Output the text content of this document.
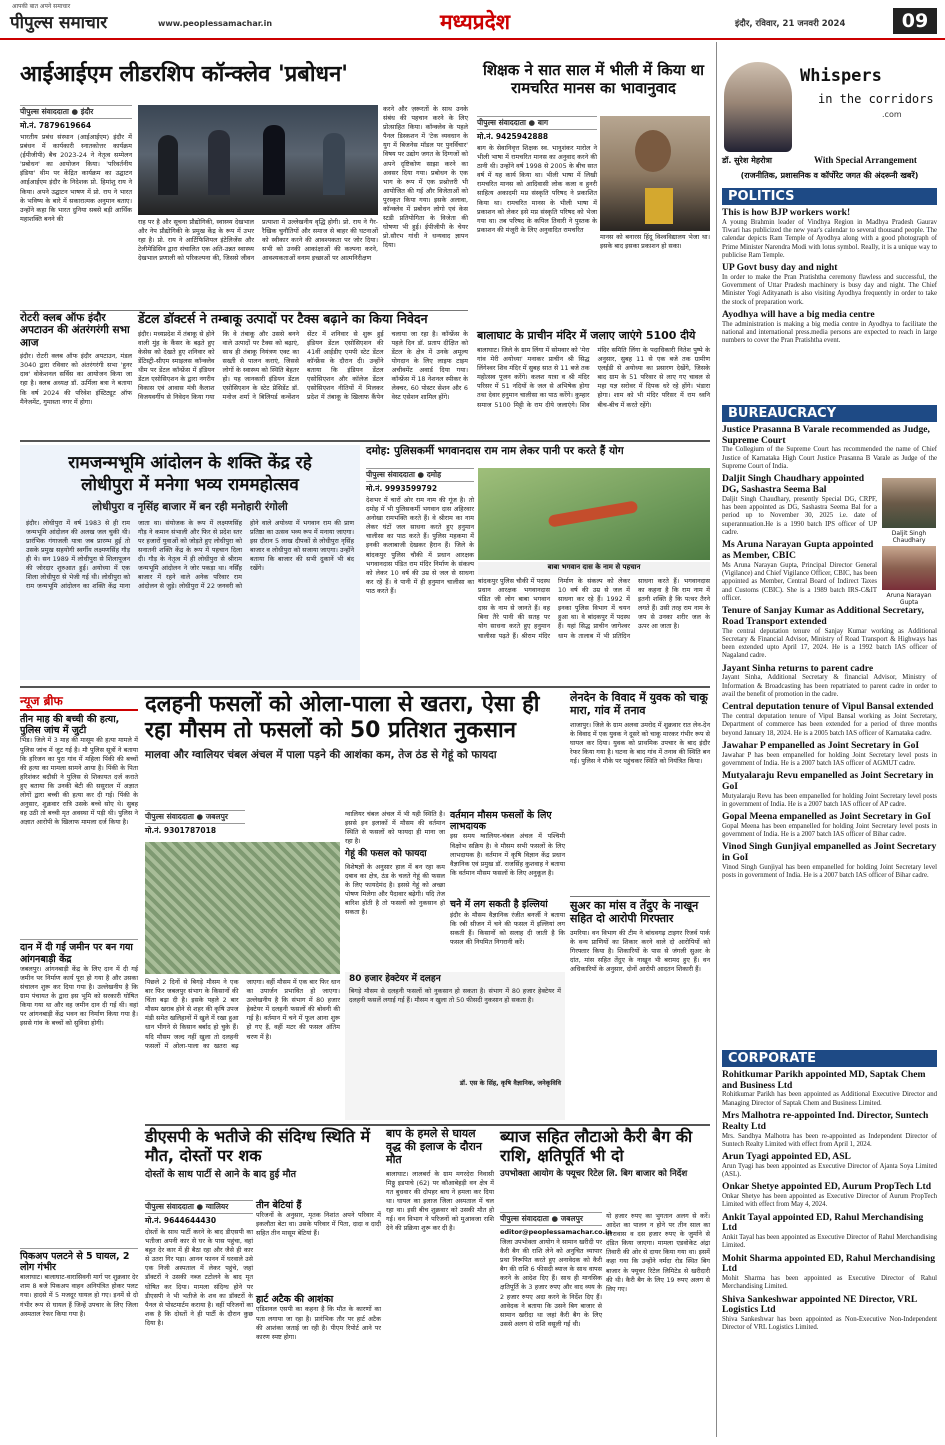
आपकी बात अपने समाचार
पीपुल्स समाचार	www.peoplessamachar.in	मध्यप्रदेश	इंदौर, रविवार, 21 जनवरी 2024	09
आईआईएम लीडरशिप कॉन्क्लेव 'प्रबोधन'
पीपुल्स संवाददाता ● इंदौर
मो.नं. 7879619664
भारतीय प्रबंध संस्थान (आईआईएम) इंदौर में प्रबंधन में कार्यकारी स्नातकोत्तर कार्यक्रम (ईपीजीपी) बैच 2023-24 ने नेतृत्व सम्मेलन 'प्रबोधन' का आयोजन किया। 'परिवर्तनीय इंडिया' थीम पर केंद्रित कार्यक्रम का उद्घाटन आईआईएम इंदौर के निदेशक प्रो. हिमांशु राय ने किया। अपने उद्घाटन भाषण में प्रो. राय ने भारत के भविष्य के बारे में सकारात्मक अनुमान बताए। उन्होंने कहा कि भारत दुनिया सबसे बड़ी आर्थिक महाशक्ति बनने की	राह पर है और सूचना प्रौद्योगिकी, स्वास्थ्य देखभाल और नेप प्रौद्योगिकी के प्रमुख केंद्र के रूप में उभर रहा है। प्रो. राय ने आर्टिफिशियल इंटेलिजेंस और टेलीमेडिसिन द्वारा संचालित एक अति-उन्नत स्वास्थ्य देखभाल प्रणाली को परिकल्पना की, जिससे जीवन प्रत्याशा में उल्लेखनीय वृद्धि होगी। प्रो. राय ने गैर-रैखिक चुनौतियों और समाज से बाहर की घटनाओं को स्वीकार करने की आवश्यकता पर जोर दिया। सभी को उनकी आकांक्षाओं की कल्पना करने, आवश्यकताओं वनाम इच्छाओं पर आत्मनिरीक्षण
करने और ज़रूरतों के साथ उनके संबंध की पहचान करने के लिए प्रोत्साहित किया। कॉन्क्लेव के पहले पैनल डिस्कशन में 'टेक व्यवधान के युग में बिजनेस मॉडल पर पुनर्विचार' विषय पर उद्योग जगत के दिग्गजों को अपने दृष्टिकोण साझा करने का अवसर दिया गया। प्रबोधन के एक भाग के रूप में एक प्रश्नोत्तरी भी आयोजित की गई और विजेताओं को पुरस्कृत किया गया। इसके अलावा, कॉन्क्लेव में प्रबोधन लोगो एवं केस स्टडी प्रतियोगिता के विजेता की घोषणा भी हुई। ईपीजीपी के चेयर प्रो.सौरभ गांधी ने धन्यवाद ज्ञापन दिया।
रोटरी क्लब ऑफ इंदौर अपटाउन की अंतरंगरंगी सभा आज
इंदौर। रोटरी क्लब ऑफ इंदौर अपटाउन, मंडल 3040 द्वारा रविवार को अंतरंगरंगी सभा 'हुनर दाव' वोकेशनल सर्विस का आयोजन किया जा रहा है। क्लब अध्यक्ष डॉ. ऊर्मिला बत्रा ने बताया कि वर्ष 2024 की परिवेश इंस्टिट्यूट ऑफ मैनेजमेंट, गुमास्ता नगर में होगा।
डेंटल डॉक्टर्स ने तम्बाकू उत्पादों पर टैक्स बढ़ाने का किया निवेदन
इंदौर। मध्यप्रदेश में तंबाकू से होने वाली मुंह के कैंसर के बढ़ते हुए केसेस को देखते हुए शनिवार को डेंटिस्ट्री-सीएम स्माइलस कॉन्क्लेव थीम पर डेंटल कॉन्फ्रेंस में इंडियन डेंटल एसोसिएशन के द्वारा नगरीय विकास एवं आवास मंत्री कैलाश विजयवर्गीय से निवेदन किया गया कि वे तंबाकू और उससे बनने वाले उत्पादों पर टैक्स को बढ़ाएं, साथ ही तंबाकू नियंत्रण एक्ट का सख्ती से पालन कराएं, जिससे लोगों के स्वास्थ्य को स्थिति बेहतर हो। यह जानकारी इंडियन डेंटल एसोसिएशन के स्टेट प्रेसिडेंट डॉ. मनोज शर्मा ने बिलियर्ड कन्वेंशन सेंटर में शनिवार से शुरू हुई इंडियन डेंटल एसोसिएशन की 41वीं आईडीए एमपी स्टेट डेंटल कॉन्फ्रेंस के दौरान दी। उन्होंने बताया कि इंडियन डेंटल एसोसिएशन और कॉलेज डेंटल एसोसिएशन नीतियों में मिलकर प्रदेश में तंबाकू के खिलाफ कैंपेन चलाया जा रहा है। कॉन्फ्रेंस के पहले दिन डॉ. प्रताप दीक्षित को डेंटल के क्षेत्र में उनके अमूल्य योगदान के लिए लाइफ टाइम अचीवमेंट अवार्ड दिया गया। कॉन्फ्रेंस में 18 नेशनल स्पीकर के लेक्चर, 60 पोस्टर सेशन और 6 वेस्ट एसेशन शामिल होंगे।
शिक्षक ने सात साल में भीली में किया था रामचरित मानस का भावानुवाद
पीपुल्स संवाददाता ● बाग
मो.नं. 9425942888
बाग के सेवानिवृत्त शिक्षक स्व. भानुशंकर मारोल ने भीली भाषा में रामचरित मानस का अनुवाद करने की ठानी थी। उन्होंने वर्ष 1998 से 2005 के बीच सात वर्ष में यह कार्य किया था। भीली भाषा में लिखी रामचरित मानस को आदिवासी लोक कला व हुनरी साहित्य अकादमी मप्र संस्कृति परिषद ने प्रकाशित किया था। रामचरित मानस के भीली भाषा में प्रकाशन को लेकर इसे मप्र संस्कृति परिषद को भेजा गया था। तब परिषद के कपिल तिवारी ने पुस्तक के प्रकाशन की मंजूरी के लिए अनुवादित रामचरित
मानस को बनारस हिंदू विश्वविद्यालय भेजा था। इसके बाद इसका प्रकाशन हो सका।
बालाघाट के प्राचीन मंदिर में जलाए जाएंगे 5100 दीये
बालाघाट। जिले के ग्राम लिंगा में सोमवार को 'मेरा गांव मेरी अयोध्या' मनाकर प्राचीन श्री सिद्ध लिंगेश्वर शिव मंदिर में सुबह सात से 11 बजे तक महोत्सव पूजन करेंगे। कलश यात्रा व श्री मंदिर परिसर में 51 नदियों के जल से अभिषेक होगा तथा देवार हनुमान चालीसा का पाठ करेंगे। कुम्हार समाज 5100 मिट्टी के राम दीये जलाएंगे। शिव मंदिर समिति लिंगा के पदाधिकारी नितेश पुष्पे के अनुसार, सुबह 11 से एक बजे तक ग्रामीण एलईडी से अयोध्या का प्रसारण देखेंगे, जिसके बाद ग्राम के 51 परिवार से लाए गए चावल से महा यज्ञ सरोवर में दिपक धरे रहे होंगे। भंडारा होगा। शाम को भी मंदिर परिसर में राम ध्वनि बीच-बीच में करते रहेंगे।
रामजन्मभूमि आंदोलन के शक्ति केंद्र रहे
लोधीपुरा में मनेगा भव्य राममहोत्सव
लोधीपुरा व नृसिंह बाजार में बन रही मनोहारी रंगोली
इंदौर। लोधीपुरा में वर्ष 1983 से ही राम जन्मभूमि आंदोलन की अलख जल चुकी थी। प्रारंभिक गंगाजली यात्रा जब प्रारम्भ हुई तो उसके प्रमुख सहयोगी स्वर्गीय लक्ष्मणसिंह गौड़ ही थे। सन 1989 में लोधीपुरा से शिलापूजन की जोरदार शुरुआत हुई। अयोध्या में एक शिला लोधीपुरा से भेजी गई थी। लोधीपुरा को राम जन्मभूमि आंदोलन का शक्ति केंद्र माना जाता था। संयोजक के रूप में लक्ष्मणसिंह गौड़ ने कमान संभाली और फिर से प्रदेश स्तर पर हजारों युवाओं को जोड़ते हुए लोधीपुरा को सनातनी शक्ति केंद्र के रूप में पहचान दिला दी। गौड़ के नेतृत्व में ही लोधीपुरा से श्रीराम जन्मभूमि आंदोलन ने जोर पकड़ा था। नर्सिंह बाजार में रहने वाले अनेक परिवार राम आंदोलन से जुड़े। लोधीपुरा में 22 जनवरी को होने वाले अयोध्या में भगवान राम की प्राण प्रतिष्ठा का उत्सव भव्य रूप में मनाया जाएगा। इस दौरान 5 लाख दीपकों से लोधीपुरा नृसिंह बाजार व लोधीपुरा को सजाया जाएगा। उन्होंने बताया कि बाजार की सभी दुकानें भी बंद रखेंगे।
दमोह: पुलिसकर्मी भगवानदास राम नाम लेकर पानी पर करते हैं योग
पीपुल्स संवाददाता ● दमोह
मो.नं. 9993599792
देशभर में चारों ओर राम नाम की गूंज है। तो दमोह में भी पुलिसकर्मी भगवान दास अहिरवार अनोखा रामभक्ति करते हैं। वे श्रीराम का नाम लेकर घंटों जल साधना करते हुए हनुमान चालीसा का पाठ करते हैं। पुलिस महकमा में इनकी कलाबाजी देखकर हैरान हैं। जिले के बांदकपुर पुलिस चौकी में प्रधान आरक्षक भगवानदास पंडित राम मंदिर निर्माण के संकल्प को लेकर 10 वर्ष की उम्र से जल से साधना कर रहे हैं। वे पानी में ही हनुमान चालीसा का पाठ करते हैं।
बाबा भगवान दास के नाम से पहचान
बांदकपुर पुलिस चौकी में पदस्थ प्रधान आरक्षक भगवानदास पंडित जी लोग बाबा भगवान दास के नाम से जानते हैं। वह बिना तैरे पानी की सतह पर योग साधना करते हुए हनुमान चालीसा पढ़ते हैं। श्रीराम मंदिर निर्माण के संकल्प को लेकर 10 वर्ष की उम्र से जल में साधना कर रहे हैं। 1992 में इनका पुलिस विभाग में चयन हुआ था। वे बांदकपुर में पदस्थ हैं। यहां सिद्ध प्राचीन जागेश्वर धाम के तालाब में भी प्रतिदिन साधना करते हैं। भगवानदास का कहना है कि राम नाम में इतनी शक्ति है कि पत्थर तैरने लगते हैं। उसी तरह राम नाम के जप से उनका शरीर जल के ऊपर आ जाता है।
न्यूज ब्रीफ
तीन माह की बच्ची की हत्या, पुलिस जांच में जुटी
भिंड। जिले में 3 माह की मासूम की हत्या मामले में पुलिस जांच में जुट गई है। मौ पुलिस सूत्रों ने बताया कि हरिजन का पुरा गांव में महिला पिंकी की बच्चों की हत्या का मामला सामने आया है। पिंकी के पिता हरिशंकर बदौसी ने पुलिस से शिकायत दर्ज कराते हुए बताया कि उनकी बेटी की ससुराल में अज्ञात लोगों द्वारा बच्ची की हत्या कर दी गई। पिंकी के अनुसार, शुक्रवार रात्रि उसके बच्चे सोए थे। सुबह वह उठी तो बच्ची मृत अवस्था में पड़ी थी। पुलिस ने अज्ञात आरोपी के खिलाफ मामला दर्ज किया है।
दान में दी गई जमीन पर बन गया आंगनबाड़ी केंद्र
जबलपुर। आंगनबाड़ी केंद्र के लिए दान में दी गई जमीन पर निर्माण कार्य पूरा हो गया है और उसका संचालन शुरू कर दिया गया है। उल्लेखनीय है कि ग्राम पंचायत के द्वारा इस भूमि को सरकारी घोषित किया गया था और वह जमीन दान दी गई थी। वहां पर आंगनबाड़ी केंद्र भवन का निर्माण किया गया है। इससे गांव के बच्चों को सुविधा होगी।
पिकअप पलटने से 5 घायल, 2 लोग गंभीर
बालाघाट। बालाघाट-वारासिवनी मार्ग पर शुक्रवार देर शाम 8 बजे पिकअप वाहन अनियंत्रित होकर पलट गया। हादसे में 5 मजदूर घायल हो गए। इनमें से दो गंभीर रूप से घायल हैं जिन्हें उपचार के लिए जिला अस्पताल रेफर किया गया है।
दलहनी फसलों को ओला-पाला से खतरा, ऐसा ही रहा मौसम तो फसलों को 50 प्रतिशत नुकसान
मालवा और ग्वालियर चंबल अंचल में पाला पड़ने की आशंका कम, तेज ठंड से गेहूं को फायदा
पीपुल्स संवाददाता ● जबलपुर
मो.नं. 9301787018
पिछले 2 दिनों से बिगड़े मौसम ने एक बार फिर जबलपुर संभाग के किसानों की चिंता बढ़ा दी है। इसके पहले 2 बार मौसम खराब होने से शहर की कृषि उपज मंडी समेत खलिहानों में खुले में रखा हुआ धान भीगने से किसान बर्बाद हो चुके हैं। यदि मौसम जल्द नहीं खुला तो दलहनी फसलों में ओला-पाला का खतरा बढ़ जाएगा। वहीं मौसम में एक बार फिर धान का उपार्जन प्रभावित हो जाएगा। उल्लेखनीय है कि संभाग में 80 हजार हेक्टेयर में दलहनी फसलों की बोवनी की गई है। वर्तमान में चने में फूल आना शुरू हो गए हैं, वहीं मटर की फसल अंतिम चरण में है।
ग्वालियर चंबल अंचल में भी यही स्थिति है। इससे इन इलाकों में मौसम की वर्तमान स्थिति से फसलों को फायदा ही माना जा रहा है।
गेहूं की फसल को फायदा
विशेषज्ञों के अनुसार हाल में बन रहा कम दबाव का क्षेत्र, ठंड के चलते गेहूं की फसल के लिए फायदेमंद है। इससे गेहूं को अच्छा पोषण मिलेगा और पैदावार बढ़ेगी। यदि तेज बारिश होती है तो फसलों को नुकसान हो सकता है।
80 हजार हेक्टेयर में दलहन
बिगड़े मौसम से दलहनी फसलों को नुकसान हो सकता है। संभाग में 80 हजार हेक्टेयर में दलहनी फसलें लगाई गई हैं। मौसम न खुला तो 50 फीसदी नुकसान हो सकता है।
डॉ. एस के सिंह, कृषि वैज्ञानिक, जनेकृविवि
वर्तमान मौसम फसलों के लिए लाभदायक
इस समय ग्वालियर-चंबल अंचल में पश्चिमी विक्षोभ सक्रिय है। वे मौसम सभी फसलों के लिए लाभदायक है। वर्तमान में कृषि विज्ञान केंद्र प्रधान वैज्ञानिक एवं प्रमुख डॉ. राजसिंह कुशवाह ने बताया कि वर्तमान मौसम फसलों के लिए अनुकूल है।
चने में लग सकती है इल्लियां
इंदौर के मौसम वैज्ञानिक रंजीत बनर्जी ने बताया कि रबी सीजन में चने की फसल में इल्लियां लग सकती हैं। किसानों को सलाह दी जाती है कि फसल की नियमित निगरानी करें।
लेनदेन के विवाद में युवक को चाकू मारा, गांव में तनाव
शाजापुर। जिले के ग्राम अलवा उमरोद में शुक्रवार रात लेन-देन के विवाद में एक युवक ने दूसरे को चाकू मारकर गंभीर रूप से घायल कर दिया। युवक को प्राथमिक उपचार के बाद इंदौर रेफर किया गया है। घटना के बाद गांव में तनाव की स्थिति बन गई। पुलिस ने मौके पर पहुंचकर स्थिति को नियंत्रित किया।
सुअर का मांस व तेंदुए के नाखून सहित दो आरोपी गिरफ्तार
उमरिया। वन विभाग की टीम ने बांधवगढ़ टाइगर रिजर्व पार्क के वन्य प्राणियों का शिकार करने वाले दो आरोपियों को गिरफ्तार किया है। शिकारियों के पास से जंगली सुअर के दांत, मांस सहित तेंदुए के नाखून भी बरामद हुए हैं। वन अधिकारियों के अनुसार, दोनों आरोपी आदतन शिकारी हैं।
डीएसपी के भतीजे की संदिग्ध स्थिति में मौत, दोस्तों पर शक
दोस्तों के साथ पार्टी से आने के बाद हुई मौत
पीपुल्स संवाददाता ● ग्वालियर
मो.नं. 9644644430
दोस्तों के साथ पार्टी करने के बाद डीएसपी का भतीजा अपनी कार से घर के पास पहुंचा, वहां बहुत देर कार में ही बैठा रहा और जैसे ही कार से उतरा गिर पड़ा। आनन फानन में घरवाले उसे एक निजी अस्पताल में लेकर पहुंचे, जहां डॉक्टरों ने उसकी नब्ज टटोलने के बाद मृत घोषित कर दिया। मामला संदिग्ध होने पर डीएसपी ने भी भतीजे के शव का डॉक्टरों के पैनल से पोस्टमार्टम कराया है। वहीं परिजनों का शक है कि दोस्तों ने ही पार्टी के दौरान कुछ दिया है।
तीन बेटियां हैं
परिजनों के अनुसार, मृतक निशांत अपने परिवार में इकलौता बेटा था। उसके परिवार में पिता, दादा व दादी सहित तीन मासूम बेटियां हैं।
हार्ट अटैक की आशंका
एडिशनल एसपी का कहना है कि मौत के कारणों का पता लगाया जा रहा है। प्रारंभिक तौर पर हार्ट अटैक की आशंका जताई जा रही है। पीएम रिपोर्ट आने पर कारण स्पष्ट होगा।
बाप के हमले से घायल वृद्ध की इलाज के दौरान मौत
बालाघाट। लालबर्रा के ग्राम मगरदेरा निवासी मिठ्ठू इडपाचे (62) पर कौआबेहड़ी वन क्षेत्र में गत बुधवार की दोपहर बाघ ने हमला कर दिया था। घायल का इलाज जिला अस्पताल में चल रहा था। इसी बीच शुक्रवार को उसकी मौत हो गई। वन विभाग ने परिजनों को मुआवजा राशि देने की प्रक्रिया शुरू कर दी है।
ब्याज सहित लौटाओ कैरी बैग की राशि, क्षतिपूर्ति भी दो
उपभोक्ता आयोग के फ्यूचर रिटेल लि. बिग बाजार को निर्देश
पीपुल्स संवाददाता ● जबलपुर
editor@peoplessamachar.co.in
जिला उपभोक्ता आयोग ने सामान खरीदी पर कैरी बैग की राशि लेने को अनुचित व्यापार प्रथा निरूपित करते हुए अनावेदक को कैरी बैग की राशि 6 फीसदी ब्याज के साथ वापस करने के आदेश दिए हैं। साथ ही मानसिक क्षतिपूर्ति के 3 हजार रुपए और वाद व्यय के 2 हजार रुपए अदा करने के निर्देश दिए हैं। आवेदक ने बताया कि उसने बिग बाजार से सामान खरीदा था जहां कैरी बैग के लिए उससे अलग से राशि वसूली गई थी।
यो हजार रुपए का भुगतान अलग से करें। आदेश का पालन न होने पर तीन साल का कारावास व दस हजार रुपए के जुर्माने से दंडित किया जाएगा। मामला एडवोकेट अंद्रा तिवारी की ओर से दायर किया गया था। इसमें कहा गया कि उन्होंने नर्मदा रोड स्थित बिग बाजार के फ्यूचर रिटेल लिमिटेड से खरीदारी की थी। कैरी बैग के लिए 19 रुपए अलग से लिए गए।
Whispers
in the corridors
.com
डॉ. सुरेश मेहरोत्रा	With Special Arrangement
(राजनीतिक, प्रशासनिक व कॉर्पोरेट जगत की अंदरूनी खबरें)
POLITICS
This is how BJP workers work!
A young Brahmin leader of Vindhya Region in Madhya Pradesh Gaurav Tiwari has publicized the new year's calendar to several thousand people. The calendar depicts Ram Temple of Ayodhya along with a good photograph of Prime Minister Narendra Modi with lotus symbol. Really, it is a unique way to publicise Ram Temple.
UP Govt busy day and night
In order to make the Pran Pratishtha ceremony flawless and successful, the Government of Uttar Pradesh machinery is busy day and night. The Chief Minister Yogi Adityanath is also visiting Ayodhya frequently in order to take the stock of preparation work.
Ayodhya will have a big media centre
The administration is making a big media centre in Ayodhya to facilitate the national and international press.media persons are expected to reach in large numbers to cover the Pran Pratishtha event.
BUREAUCRACY
Justice Prasanna B Varale recommended as Judge, Supreme Court
The Collegium of the Supreme Court has recommended the name of Chief Justice of Karnataka High Court Justice Prasanna B Varale as Judge of the Supreme Court of India.
Daljit Singh Chaudhary appointed DG, Sashastra Seema Bal
Daljit Singh Chaudhary, presently Special DG, CRPF, has been appointed as DG, Sashastra Seema Bal for a period up to November 30, 2025 i.e. date of superannuation.He is a 1990 batch IPS officer of UP cadre.
Ms Aruna Narayan Gupta appointed as Member, CBIC
Ms Aruna Narayan Gupta, Principal Director General (Vigilance) and Chief Vigilance Officer, CBIC, has been appointed as Member, Central Board of Indirect Taxes and Customs (CBIC). She is a 1989 batch IRS-C&IT officer.
Daljit Singh Chaudhary
Aruna Narayan Gupta
Tenure of Sanjay Kumar as Additional Secretary, Road Transport extended
The central deputation tenure of Sanjay Kumar working as Additional Secretary & Financial Advisor, Ministry of Road Transport & Highways has been extended upto April 17, 2024. He is a 1992 batch IAS officer of Nagaland cadre.
Jayant Sinha returns to parent cadre
Jayant Sinha, Additional Secretary & financial Advisor, Ministry of Information & Broadcasting has been repatriated to parent cadre in order to avail the benefit of promotion in the cadre.
Central deputation tenure of Vipul Bansal extended
The central deputation tenure of Vipul Bansal working as Joint Secretary, Department of commerce has been extended for a period of three months beyond January 18, 2024. He is a 2005 batch IAS officer of Karnataka cadre.
Jawahar P empanelled as Joint Secretary in GoI
Jawahar P has been empanelled for holding Joint Secretary level posts in government of India. He is a 2007 batch IAS officer of AGMUT cadre.
Mutyalaraju Revu empanelled as Joint Secretary in GoI
Mutyalaraju Revu has been empanelled for holding Joint Secretary level posts in government of India. He is a 2007 batch IAS officer of AP cadre.
Gopal Meena empanelled as Joint Secretary in GoI
Gopal Meena has been empanelled for holding Joint Secretary level posts in government of India. He is a 2007 batch IAS officer of Bihar cadre.
Vinod Singh Gunjiyal empanelled as Joint Secretary in GoI
Vinod Singh Gunjiyal has been empanelled for holding Joint Secretary level posts in government of India. He is a 2007 batch IAS officer of Bihar cadre.
CORPORATE
Rohitkumar Parikh appointed MD, Saptak Chem and Business Ltd
Rohitkumar Parikh has been appointed as Additional Executive Director and Managing Director of Saptak Chem and Business Limited.
Mrs Malhotra re-appointed Ind. Director, Suntech Realty Ltd
Mrs. Sandhya Malhotra has been re-appointed as Independent Director of Suntech Realty Limited with effect from April 1, 2024.
Arun Tyagi appointed ED, ASL
Arun Tyagi has been appointed as Executive Director of Ajanta Soya Limited (ASL).
Onkar Shetye appointed ED, Aurum PropTech Ltd
Onkar Shetye has been appointed as Executive Director of Aurum PropTech Limited with effect from May 4, 2024.
Ankit Tayal appointed ED, Rahul Merchandising Ltd
Ankit Tayal has been appointed as Executive Director of Rahul Merchandising Limited.
Mohit Sharma appointed ED, Rahul Merchandising Ltd
Mohit Sharma has been appointed as Executive Director of Rahul Merchandising Limited.
Shiva Sankeshwar appointed NE Director, VRL Logistics Ltd
Shiva Sankeshwar has been appointed as Non-Executive Non-Independent Director of VRL Logistics Limited.
